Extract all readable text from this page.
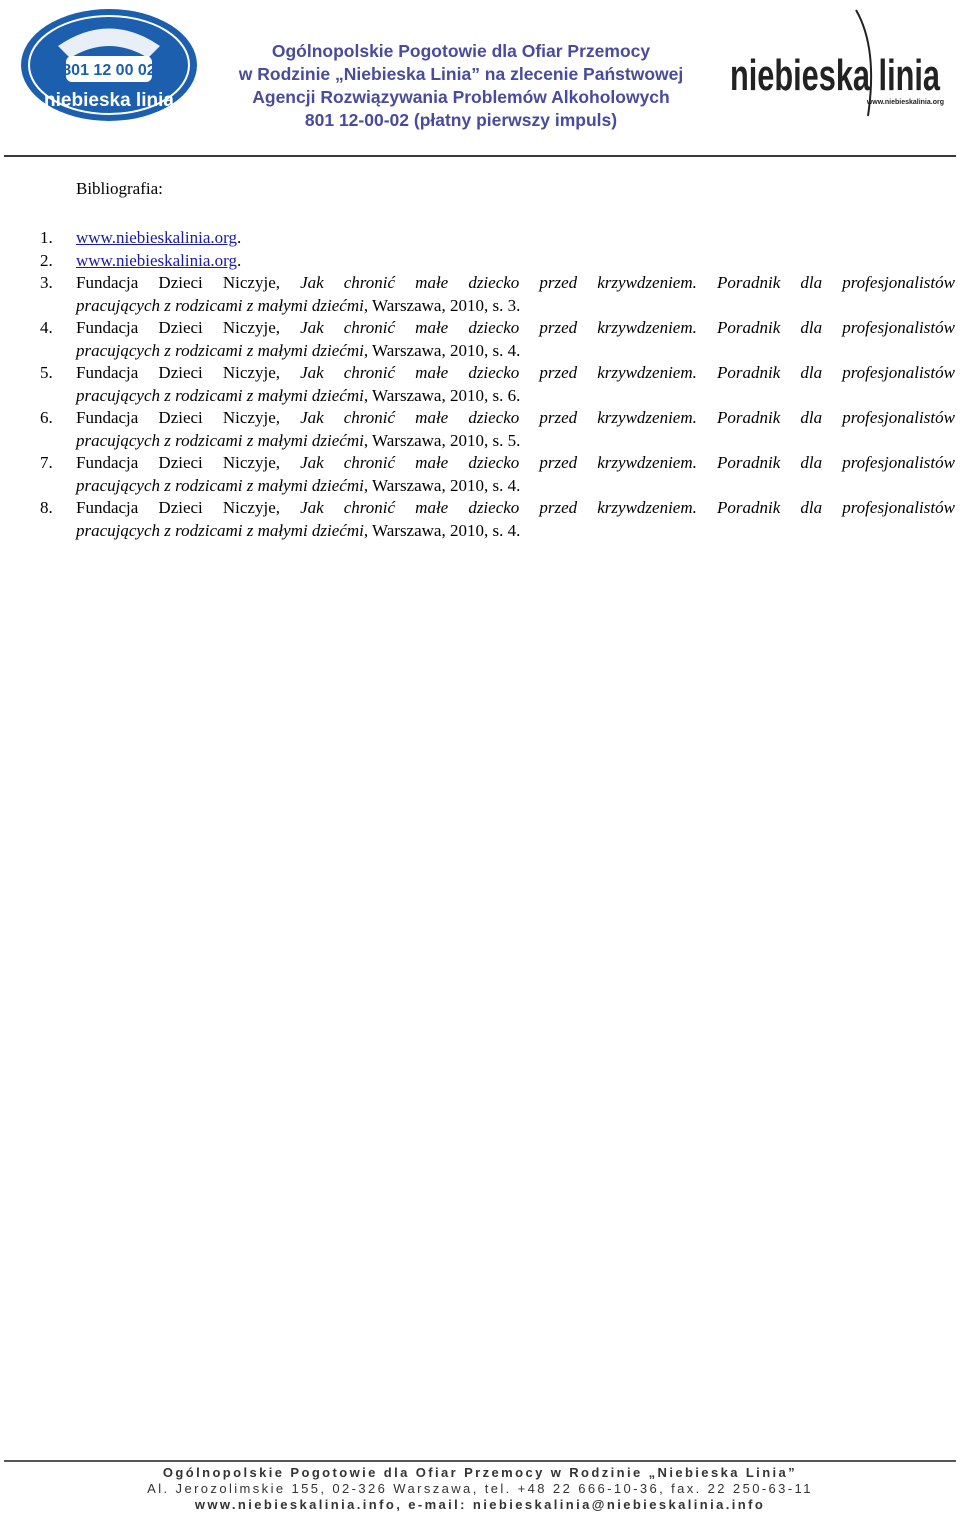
801 12 00 02
niebieska linia
Ogólnopolskie Pogotowie dla Ofiar Przemocy
w Rodzinie „Niebieska Linia” na zlecenie Państwowej
Agencji Rozwiązywania Problemów Alkoholowych
801 12-00-02 (płatny pierwszy impuls)
niebieska linia
www.niebieskalinia.org
Bibliografia:
1. www.niebieskalinia.org.
2. www.niebieskalinia.org.
3. Fundacja Dzieci Niczyje, Jak chronić małe dziecko przed krzywdzeniem. Poradnik dla profesjonalistów
pracujących z rodzicami z małymi dziećmi, Warszawa, 2010, s. 3.
4. Fundacja Dzieci Niczyje, Jak chronić małe dziecko przed krzywdzeniem. Poradnik dla profesjonalistów
pracujących z rodzicami z małymi dziećmi, Warszawa, 2010, s. 4.
5. Fundacja Dzieci Niczyje, Jak chronić małe dziecko przed krzywdzeniem. Poradnik dla profesjonalistów
pracujących z rodzicami z małymi dziećmi, Warszawa, 2010, s. 6.
6. Fundacja Dzieci Niczyje, Jak chronić małe dziecko przed krzywdzeniem. Poradnik dla profesjonalistów
pracujących z rodzicami z małymi dziećmi, Warszawa, 2010, s. 5.
7. Fundacja Dzieci Niczyje, Jak chronić małe dziecko przed krzywdzeniem. Poradnik dla profesjonalistów
pracujących z rodzicami z małymi dziećmi, Warszawa, 2010, s. 4.
8. Fundacja Dzieci Niczyje, Jak chronić małe dziecko przed krzywdzeniem. Poradnik dla profesjonalistów
pracujących z rodzicami z małymi dziećmi, Warszawa, 2010, s. 4.
Ogólnopolskie Pogotowie dla Ofiar Przemocy w Rodzinie „Niebieska Linia”
Al. Jerozolimskie 155, 02-326 Warszawa, tel. +48 22 666-10-36, fax. 22 250-63-11
www.niebieskalinia.info, e-mail: niebieskalinia@niebieskalinia.info
